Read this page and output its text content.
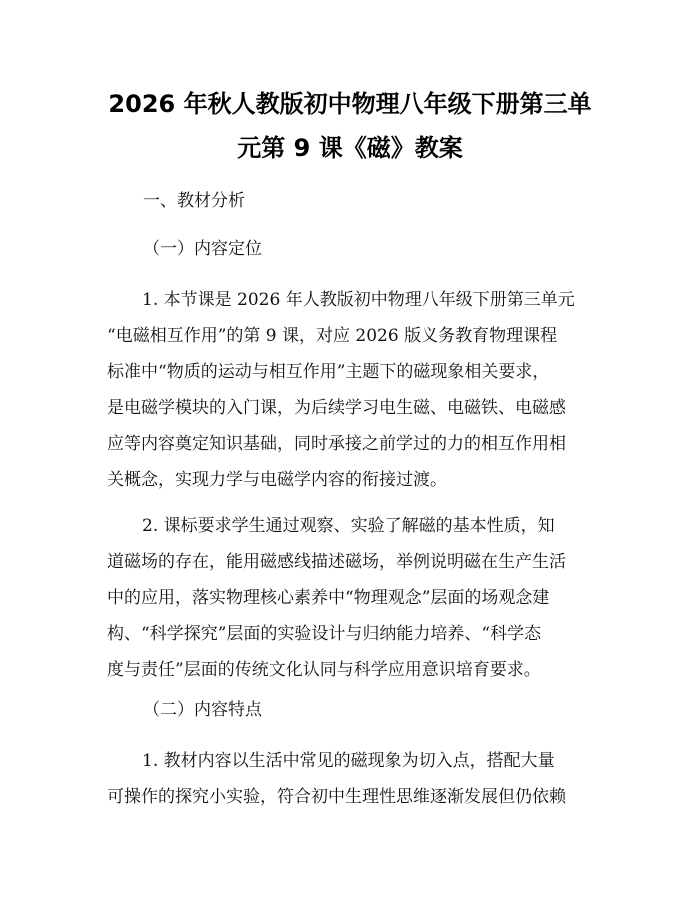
2026 年秋人教版初中物理八年级下册第三单
元第 9 课《磁》教案
一、教材分析
（一）内容定位
1. 本节课是 2026 年人教版初中物理八年级下册第三单元
“电磁相互作用”的第 9 课，对应 2026 版义务教育物理课程
标准中“物质的运动与相互作用”主题下的磁现象相关要求，
是电磁学模块的入门课，为后续学习电生磁、电磁铁、电磁感
应等内容奠定知识基础，同时承接之前学过的力的相互作用相
关概念，实现力学与电磁学内容的衔接过渡。
2. 课标要求学生通过观察、实验了解磁的基本性质，知
道磁场的存在，能用磁感线描述磁场，举例说明磁在生产生活
中的应用，落实物理核心素养中“物理观念”层面的场观念建
构、“科学探究”层面的实验设计与归纳能力培养、“科学态
度与责任”层面的传统文化认同与科学应用意识培育要求。
（二）内容特点
1. 教材内容以生活中常见的磁现象为切入点，搭配大量
可操作的探究小实验，符合初中生理性思维逐渐发展但仍依赖
